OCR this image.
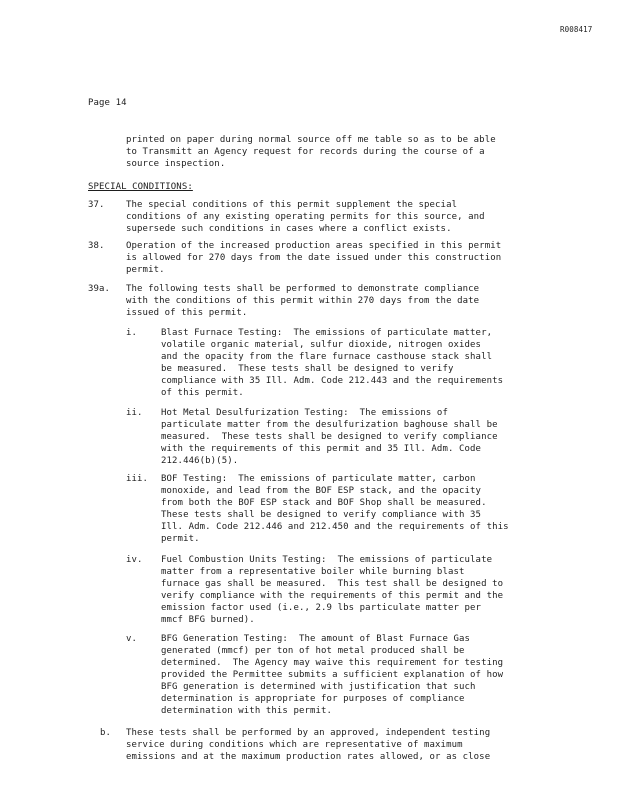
R008417
Page 14
printed on paper during normal source off me table so as to be able
to Transmitt an Agency request for records during the course of a
source inspection.
SPECIAL CONDITIONS:
37. The special conditions of this permit supplement the special
conditions of any existing operating permits for this source, and
supersede such conditions in cases where a conflict exists.
38. Operation of the increased production areas specified in this permit
is allowed for 270 days from the date issued under this construction
permit.
39a. The following tests shall be performed to demonstrate compliance
with the conditions of this permit within 270 days from the date
issued of this permit.
i.	Blast Furnace Testing:  The emissions of particulate matter,
volatile organic material, sulfur dioxide, nitrogen oxides
and the opacity from the flare furnace casthouse stack shall
be measured.  These tests shall be designed to verify
compliance with 35 Ill. Adm. Code 212.443 and the requirements
of this permit.
ii. Hot Metal Desulfurization Testing:  The emissions of
particulate matter from the desulfurization baghouse shall be
measured.  These tests shall be designed to verify compliance
with the requirements of this permit and 35 Ill. Adm. Code
212.446(b)(5).
iii. BOF Testing:  The emissions of particulate matter, carbon
monoxide, and lead from the BOF ESP stack, and the opacity
from both the BOF ESP stack and BOF Shop shall be measured.
These tests shall be designed to verify compliance with 35
Ill. Adm. Code 212.446 and 212.450 and the requirements of this
permit.
iv. Fuel Combustion Units Testing:  The emissions of particulate
matter from a representative boiler while burning blast
furnace gas shall be measured.  This test shall be designed to
verify compliance with the requirements of this permit and the
emission factor used (i.e., 2.9 lbs particulate matter per
mmcf BFG burned).
v.	BFG Generation Testing:  The amount of Blast Furnace Gas
generated (mmcf) per ton of hot metal produced shall be
determined.  The Agency may waive this requirement for testing
provided the Permittee submits a sufficient explanation of how
BFG generation is determined with justification that such
determination is appropriate for purposes of compliance
determination with this permit.
b. These tests shall be performed by an approved, independent testing
service during conditions which are representative of maximum
emissions and at the maximum production rates allowed, or as close
